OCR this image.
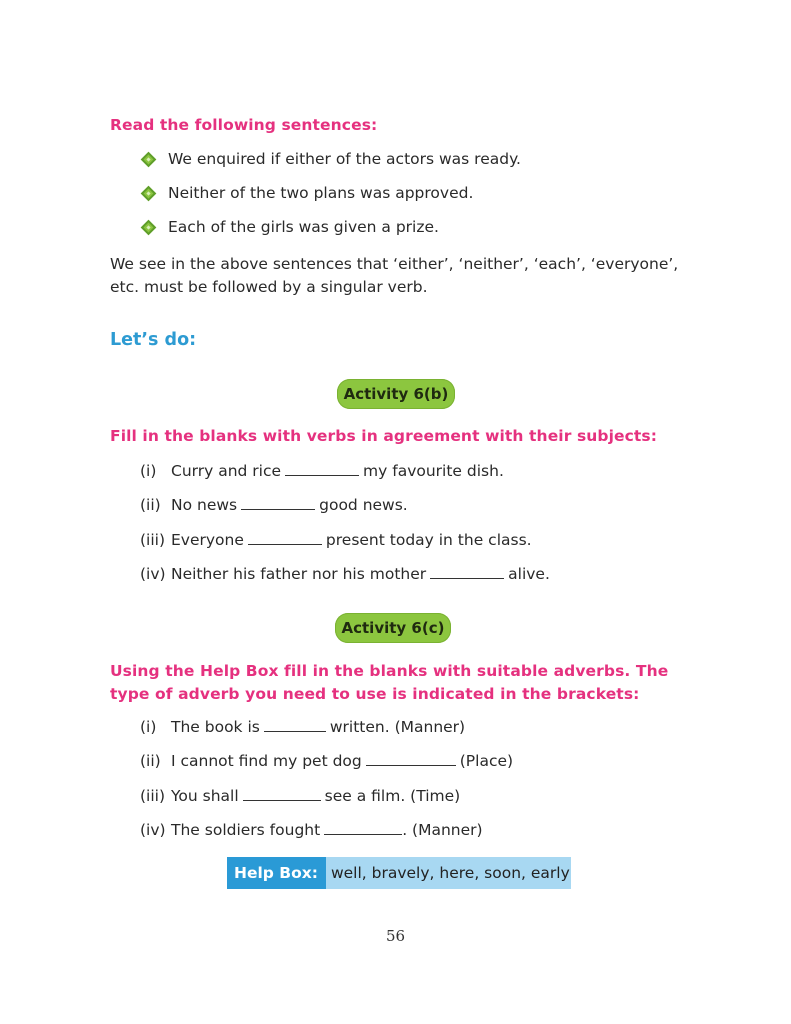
Read the following sentences:
We enquired if either of the actors was ready.
Neither of the two plans was approved.
Each of the girls was given a prize.
We see in the above sentences that ‘either’, ‘neither’, ‘each’, ‘everyone’, etc. must be followed by a singular verb.
Let’s do:
Activity 6(b)
Fill in the blanks with verbs in agreement with their subjects:
(i) Curry and rice	my favourite dish.
(ii) No news	good news.
(iii) Everyone	present today in the class.
(iv) Neither his father nor his mother	alive.
Activity 6(c)
Using the Help Box fill in the blanks with suitable adverbs. The type of adverb you need to use is indicated in the brackets:
(i) The book is	written. (Manner)
(ii) I cannot find my pet dog	(Place)
(iii) You shall	see a film. (Time)
(iv) The soldiers fought	. (Manner)
Help Box: well, bravely, here, soon, early
56
